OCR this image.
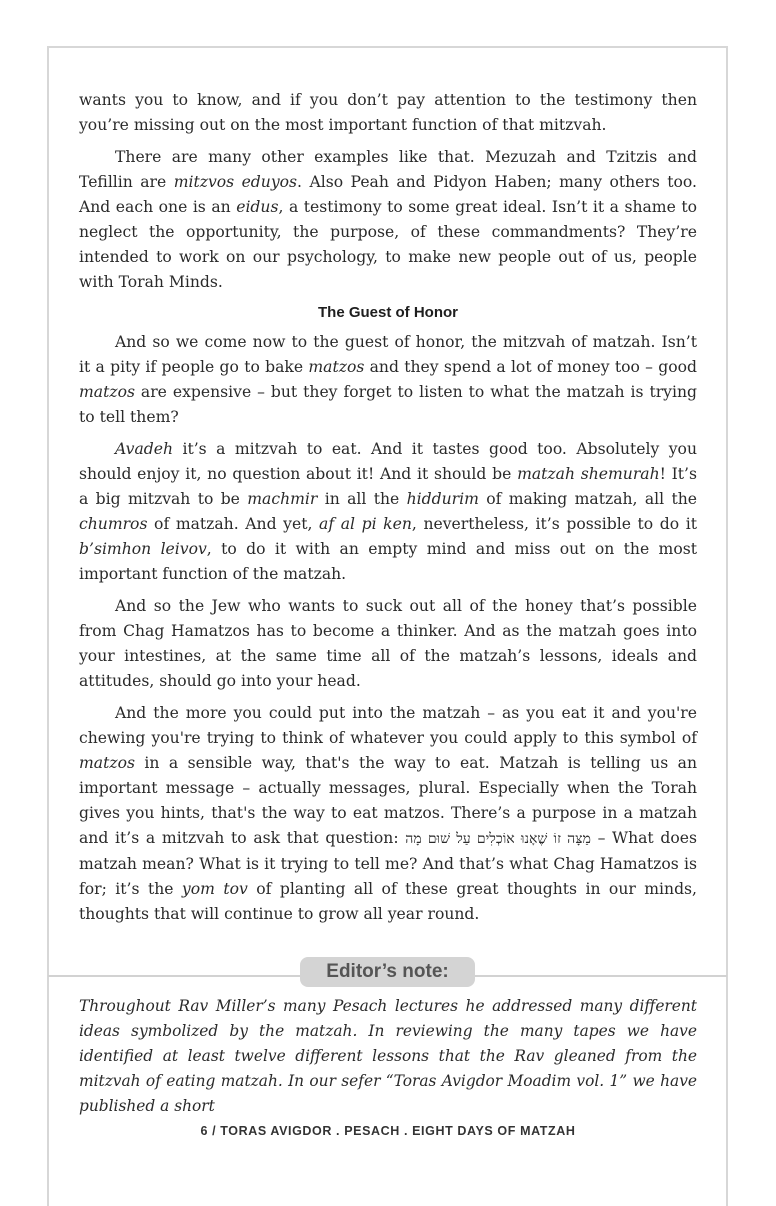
wants you to know, and if you don’t pay attention to the testimony then you’re missing out on the most important function of that mitzvah.

There are many other examples like that. Mezuzah and Tzitzis and Tefillin are mitzvos eduyos. Also Peah and Pidyon Haben; many others too. And each one is an eidus, a testimony to some great ideal. Isn’t it a shame to neglect the opportunity, the purpose, of these commandments? They’re intended to work on our psychology, to make new people out of us, people with Torah Minds.

The Guest of Honor

And so we come now to the guest of honor, the mitzvah of matzah. Isn’t it a pity if people go to bake matzos and they spend a lot of money too – good matzos are expensive – but they forget to listen to what the matzah is trying to tell them?

Avadeh it’s a mitzvah to eat. And it tastes good too. Absolutely you should enjoy it, no question about it! And it should be matzah shemurah! It’s a big mitzvah to be machmir in all the hiddurim of making matzah, all the chumros of matzah. And yet, af al pi ken, nevertheless, it’s possible to do it b’simhon leivov, to do it with an empty mind and miss out on the most important function of the matzah.

And so the Jew who wants to suck out all of the honey that’s possible from Chag Hamatzos has to become a thinker. And as the matzah goes into your intestines, at the same time all of the matzah’s lessons, ideals and attitudes, should go into your head.

And the more you could put into the matzah – as you eat it and you're chewing you're trying to think of whatever you could apply to this symbol of matzos in a sensible way, that's the way to eat. Matzah is telling us an important message – actually messages, plural. Especially when the Torah gives you hints, that's the way to eat matzos. There’s a purpose in a matzah and it’s a mitzvah to ask that question: מַצָּה זוֹ שֶׁאָנוּ אוֹכְלִים עַל שׁוּם מָה – What does matzah mean? What is it trying to tell me? And that’s what Chag Hamatzos is for; it’s the yom tov of planting all of these great thoughts in our minds, thoughts that will continue to grow all year round.

Editor’s note:

Throughout Rav Miller’s many Pesach lectures he addressed many different ideas symbolized by the matzah. In reviewing the many tapes we have identified at least twelve different lessons that the Rav gleaned from the mitzvah of eating matzah. In our sefer “Toras Avigdor Moadim vol. 1” we have published a short

6 / TORAS AVIGDOR . PESACH . EIGHT DAYS OF MATZAH
